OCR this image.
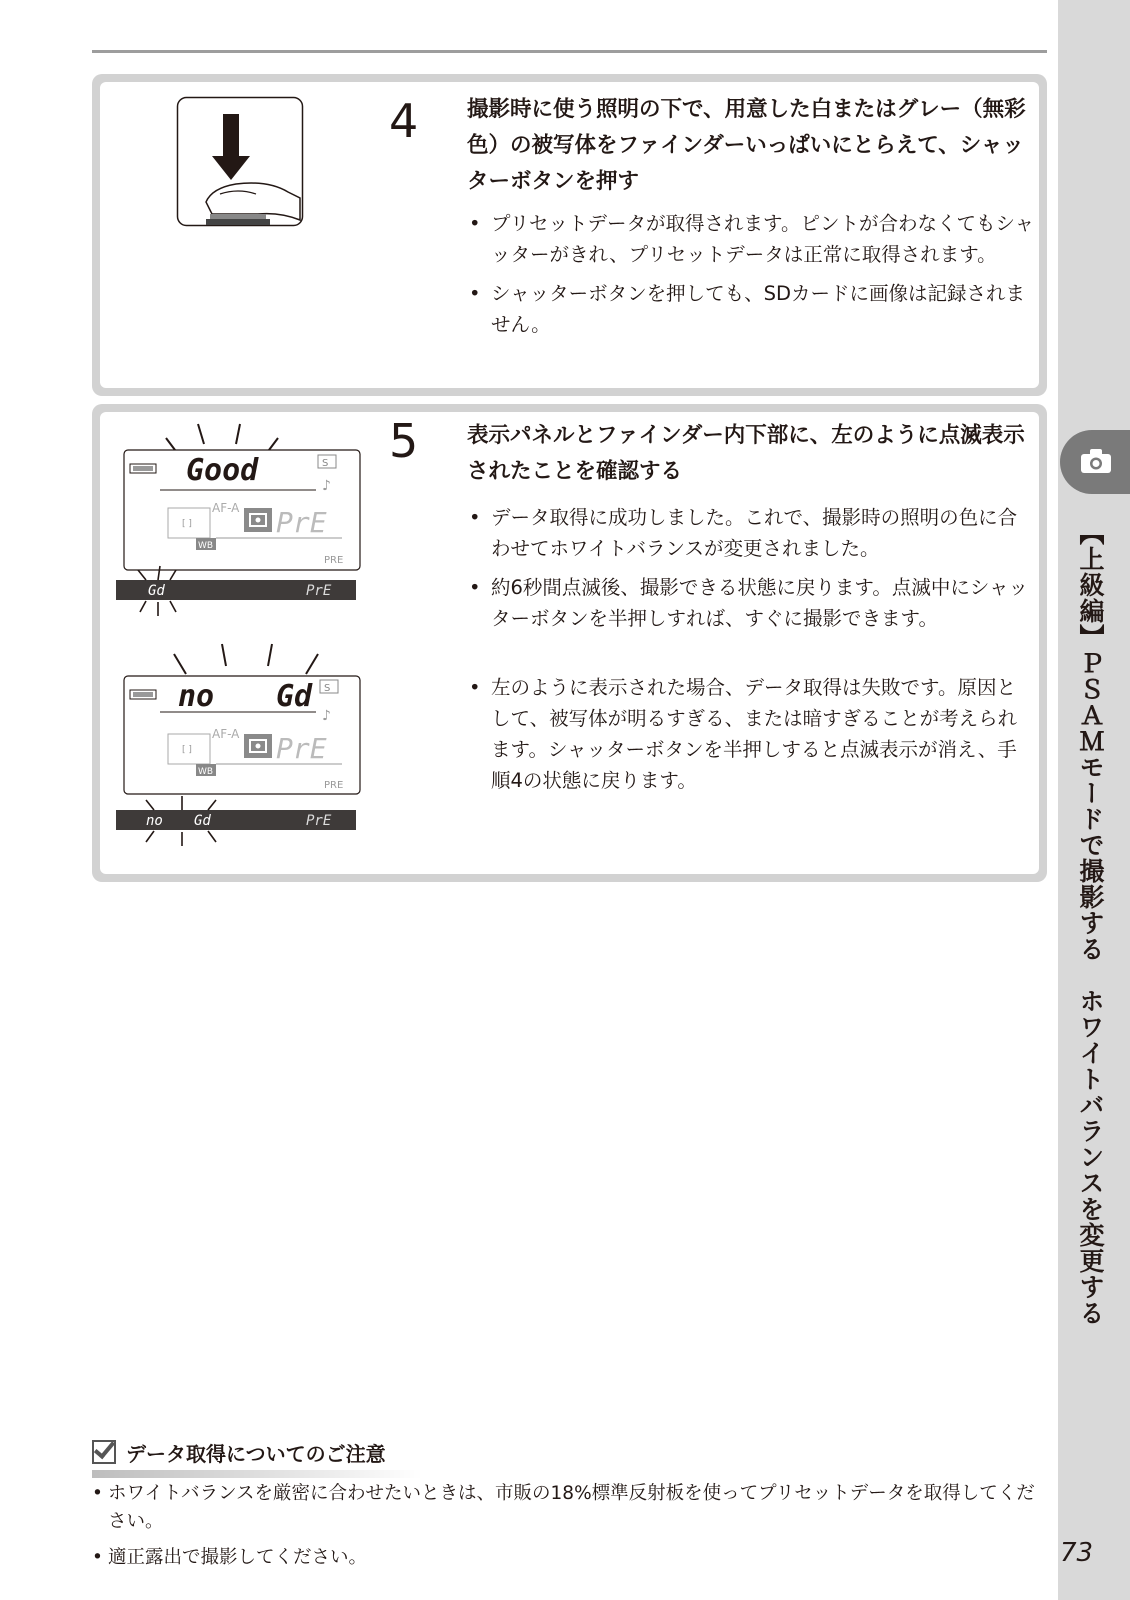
【上級編】ＰＳＡＭモードで撮影する　ホワイトバランスを変更する
73
4 撮影時に使う照明の下で、用意した白またはグレー（無彩色）の被写体をファインダーいっぱいにとらえて、シャッターボタンを押す
• プリセットデータが取得されます。ピントが合わなくてもシャッターがきれ、プリセットデータは正常に取得されます。
• シャッターボタンを押しても、SDカードに画像は記録されません。
Good	S
♪
[ ]
AF-A PrE
WB
PRE
Gd	PrE
no Gd S
♪
[ ]
AF-A PrE
WB
PRE
no Gd	PrE
5 表示パネルとファインダー内下部に、左のように点滅表示されたことを確認する
• データ取得に成功しました。これで、撮影時の照明の色に合わせてホワイトバランスが変更されました。
• 約6秒間点滅後、撮影できる状態に戻ります。点滅中にシャッターボタンを半押しすれば、すぐに撮影できます。
• 左のように表示された場合、データ取得は失敗です。原因として、被写体が明るすぎる、または暗すぎることが考えられます。シャッターボタンを半押しすると点滅表示が消え、手順4の状態に戻ります。
データ取得についてのご注意
• ホワイトバランスを厳密に合わせたいときは、市販の18%標準反射板を使ってプリセットデータを取得してください。
• 適正露出で撮影してください。
